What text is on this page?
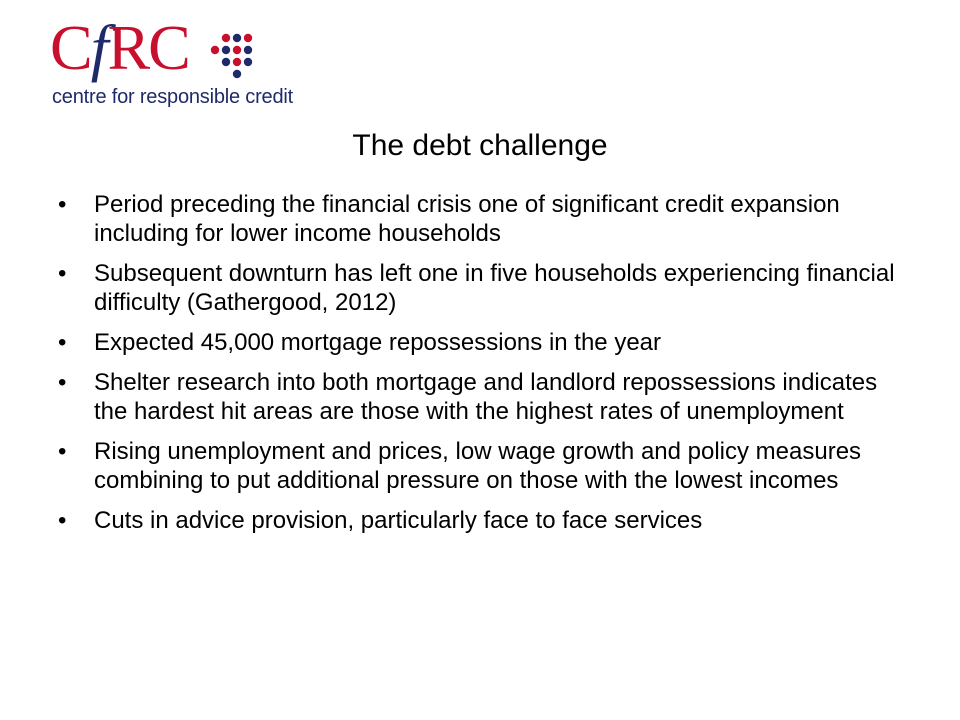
C f RC
centre for responsible credit
The debt challenge
•	Period preceding the financial crisis one of significant credit expansion including for lower income households
•	Subsequent downturn has left one in five households experiencing financial difficulty (Gathergood, 2012)
•	Expected 45,000 mortgage repossessions in the year
•	Shelter research into both mortgage and landlord repossessions indicates the hardest hit areas are those with the highest rates of unemployment
•	Rising unemployment and prices, low wage growth and policy measures combining to put additional pressure on those with the lowest incomes
•	Cuts in advice provision, particularly face to face services
